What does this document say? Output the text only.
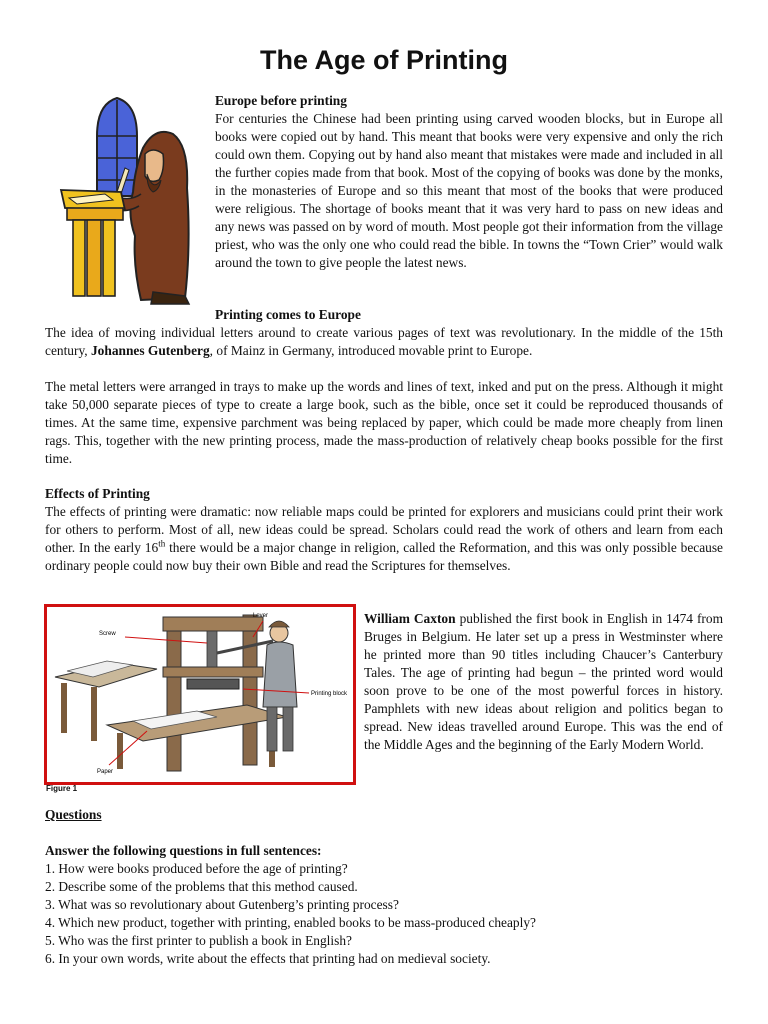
The Age of Printing
Europe before printing
For centuries the Chinese had been printing using carved wooden blocks, but in Europe all books were copied out by hand. This meant that books were very expensive and only the rich could own them. Copying out by hand also meant that mistakes were made and included in all the further copies made from that book. Most of the copying of books was done by the monks, in the monasteries of Europe and so this meant that most of the books that were produced were religious. The shortage of books meant that it was very hard to pass on new ideas and any news was passed on by word of mouth. Most people got their information from the village priest, who was the only one who could read the bible. In towns the “Town Crier” would walk around the town to give people the latest news.
Printing comes to Europe

The idea of moving individual letters around to create various pages of text was revolutionary. In the middle of the 15th century, Johannes Gutenberg, of Mainz in Germany, introduced movable print to Europe.

The metal letters were arranged in trays to make up the words and lines of text, inked and put on the press. Although it might take 50,000 separate pieces of type to create a large book, such as the bible, once set it could be reproduced thousands of times. At the same time, expensive parchment was being replaced by paper, which could be made more cheaply from linen rags. This, together with the new printing process, made the mass-production of relatively cheap books possible for the first time.

Effects of Printing

The effects of printing were dramatic: now reliable maps could be printed for explorers and musicians could print their work for others to perform. Most of all, new ideas could be spread. Scholars could read the work of others and learn from each other. In the early 16th there would be a major change in religion, called the Reformation, and this was only possible because ordinary people could now buy their own Bible and read the Scriptures for themselves.

Screw
Lever
Printing block
Paper
Figure 1

William Caxton published the first book in English in 1474 from Bruges in Belgium. He later set up a press in Westminster where he printed more than 90 titles including Chaucer’s Canterbury Tales. The age of printing had begun – the printed word would soon prove to be one of the most powerful forces in history. Pamphlets with new ideas about religion and politics began to spread. New ideas travelled around Europe. This was the end of the Middle Ages and the beginning of the Early Modern World.

Questions
Answer the following questions in full sentences:

1. How were books produced before the age of printing?

2. Describe some of the problems that this method caused.

3. What was so revolutionary about Gutenberg’s printing process?

4. Which new product, together with printing, enabled books to be mass-produced cheaply?

5. Who was the first printer to publish a book in English?

6. In your own words, write about the effects that printing had on medieval society.
